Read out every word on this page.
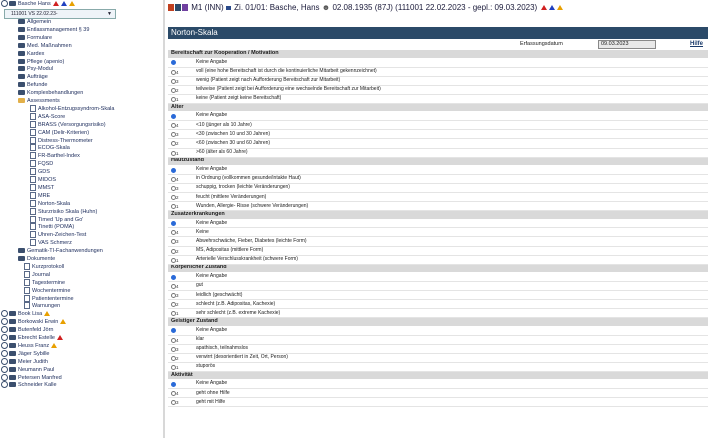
Basche Hans
111001 VS 22.02.23-	▼
Allgemein
Entlassmanagement § 39
Formulare
Med. Maßnahmen
Kardex
Pflege (apenio)
Psy-Modul
Aufträge
Befunde
Komplexbehandlungen
Assessments
Alkohol-Entzugssyndrom-Skala
ASA-Score
BRASS (Versorgungsrisiko)
CAM (Delir-Kriterien)
Distress-Thermometer
ECOG-Skala
FR-Barthel-Index
FQSD
GDS
MIDOS
MMST
MRE
Norton-Skala
Sturzrisiko Skala (Huhn)
Timed 'Up and Go'
Tinetti (POMA)
Uhren-Zeichen-Test
VAS Schmerz
Gematik-TI-Fachanwendungen
Dokumente
Kurzprotokoll
Journal
Tagestermine
Wochentermine
Patiententermine
Warnungen
Book Lisa
Borkowski Erwin
Butenfeld Jörn
Ebrecht Estelle
Heuss Franz
Jäger Sybille
Meier Judith
Neumann Paul
Petersen Manfred
Schneider Kalle
M1 (INN) Zi. 01/01: Basche, Hans ☻ 02.08.1935 (87J) (111001 22.02.2023 - gepl.: 09.03.2023)
Norton-Skala
Erfassungsdatum	09.03.2023	Hilfe
Bereitschaft zur Kooperation / Motivation
Keine Angabe
4	voll (eine hohe Bereitschaft ist durch die kontinuierliche Mitarbeit gekennzeichnet)
3	wenig (Patient zeigt nach Aufforderung Bereitschaft zur Mitarbeit)
2	teilweise (Patient zeigt bei Aufforderung eine wechselnde Bereitschaft zur Mitarbeit)
1	keine (Patient zeigt keine Bereitschaft)
Alter
Keine Angabe
4	<10 (jünger als 10 Jahre)
3	<30 (zwischen 10 und 30 Jahren)
2	<60 (zwischen 30 und 60 Jahren)
1	>60 (älter als 60 Jahre)
Hautzustand
Keine Angabe
4	in Ordnung (vollkommen gesunde/intakte Haut)
3	schuppig, trocken (leichte Veränderungen)
2	feucht (mittlere Veränderungen)
1	Wunden, Allergie- Risse (schwere Veränderungen)
Zusatzerkrankungen
Keine Angabe
4	Keine
3	Abwehrschwäche, Fieber, Diabetes (leichte Form)
2	MS, Adipositas (mittlere Form)
1	Arterielle Verschlusskrankheit (schwere Form)
Körperlicher Zustand
Keine Angabe
4	gut
3	leidlich (geschwächt)
2	schlecht (z.B. Adipositas, Kachexie)
1	sehr schlecht (z.B. extreme Kachexie)
Geistiger Zustand
Keine Angabe
4	klar
3	apathisch, teilnahmslos
2	verwirrt (desorientiert in Zeit, Ort, Person)
1	stuporös
Aktivität
Keine Angabe
4	geht ohne Hilfe
3	geht mit Hilfe
